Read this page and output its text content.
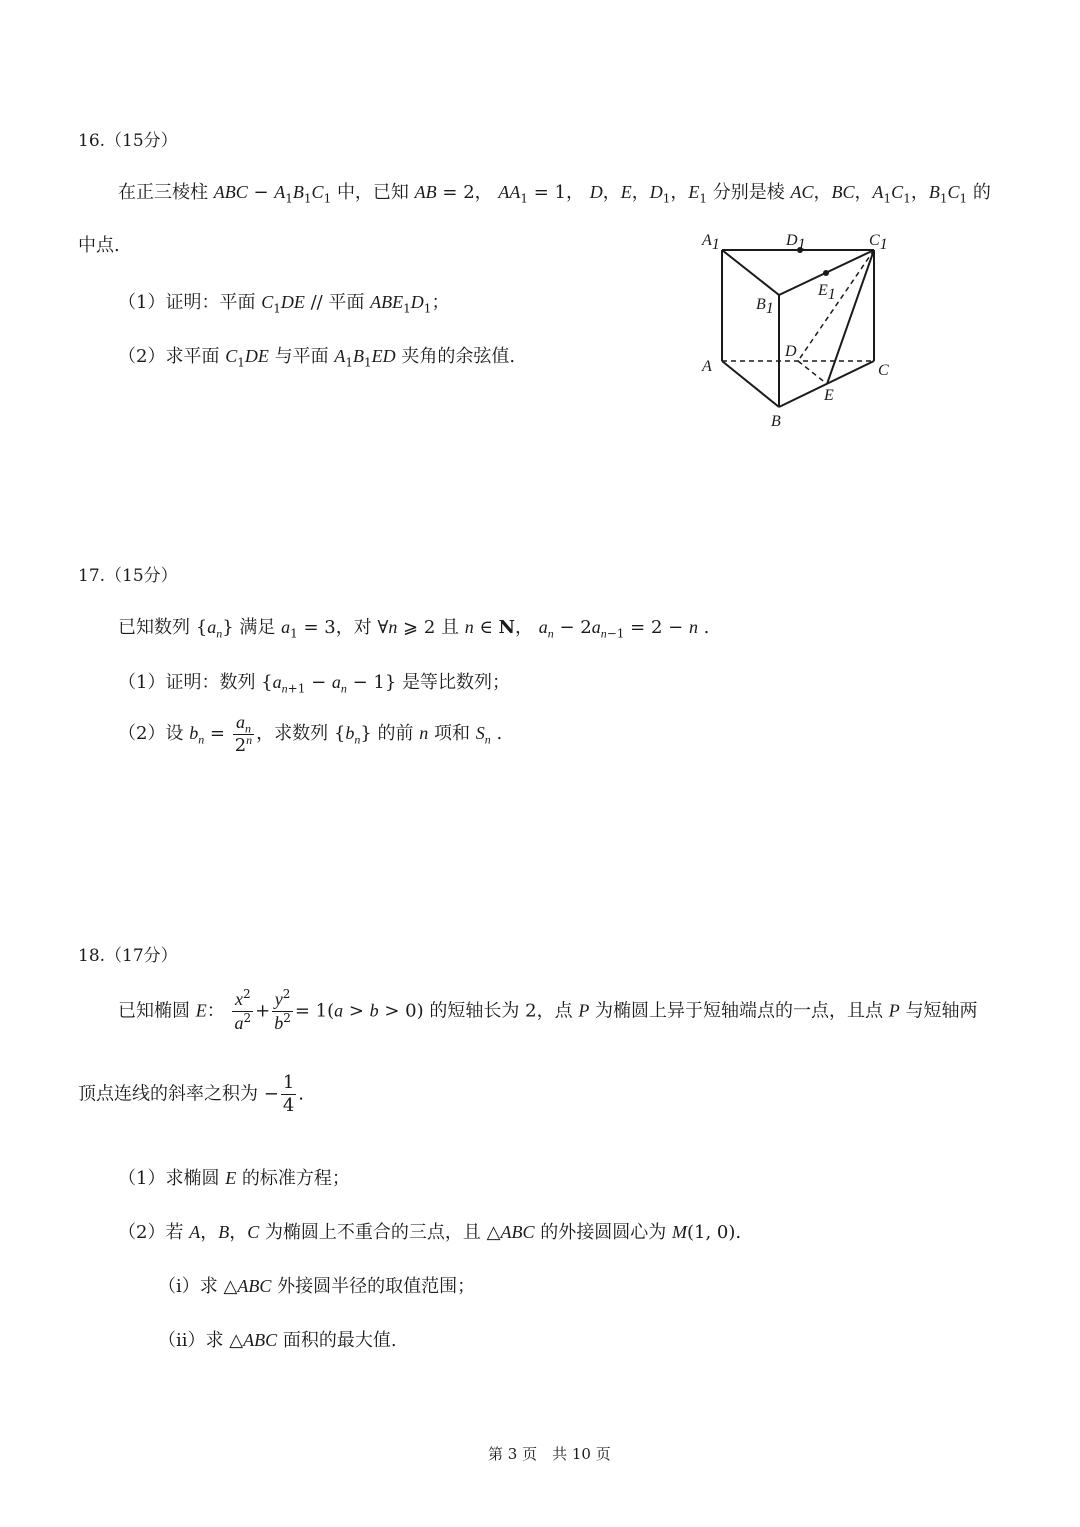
16.（15分）
在正三棱柱 ABC − $A_1B_1C_1$ 中，已知 AB = 2， $AA_1 = 1$， D，E，$D_1$，$E_1$ 分别是棱 AC，BC，$A_1C_1$，$B_1C_1$ 的
中点.
（1）证明：平面 $C_1DE$ // 平面 $ABE_1D_1$；
（2）求平面 $C_1DE$ 与平面 $A_1B_1ED$ 夹角的余弦值.
A1	D1	C1
B1
E1
D
A	C
E
B
17.（15分）
已知数列 $\{a_n\}$ 满足 $a_1 = 3$，对 ∀n ⩾ 2 且 n ∈ N， $a_n - 2a_{n-1} = 2 - n$ .
（1）证明：数列 $\{a_{n+1} - a_n - 1\}$ 是等比数列；
（2）设 $b_n = \frac{a_n}{2^n}$ ，求数列 $\{b_n\}$ 的前 n 项和 $S_n$ .
18.（17分）
已知椭圆 E： $\frac{x^2}{a^2} + \frac{y^2}{b^2} = 1(a > b > 0)$ 的短轴长为 2，点 P 为椭圆上异于短轴端点的一点，且点 P 与短轴两
顶点连线的斜率之积为 − $\frac{1}{4}$ .
（1）求椭圆 E 的标准方程；
（2）若 A，B，C 为椭圆上不重合的三点，且 △ABC 的外接圆圆心为 M(1, 0).
（i）求 △ABC 外接圆半径的取值范围；
（ii）求 △ABC 面积的最大值.
第 3 页　共 10 页
